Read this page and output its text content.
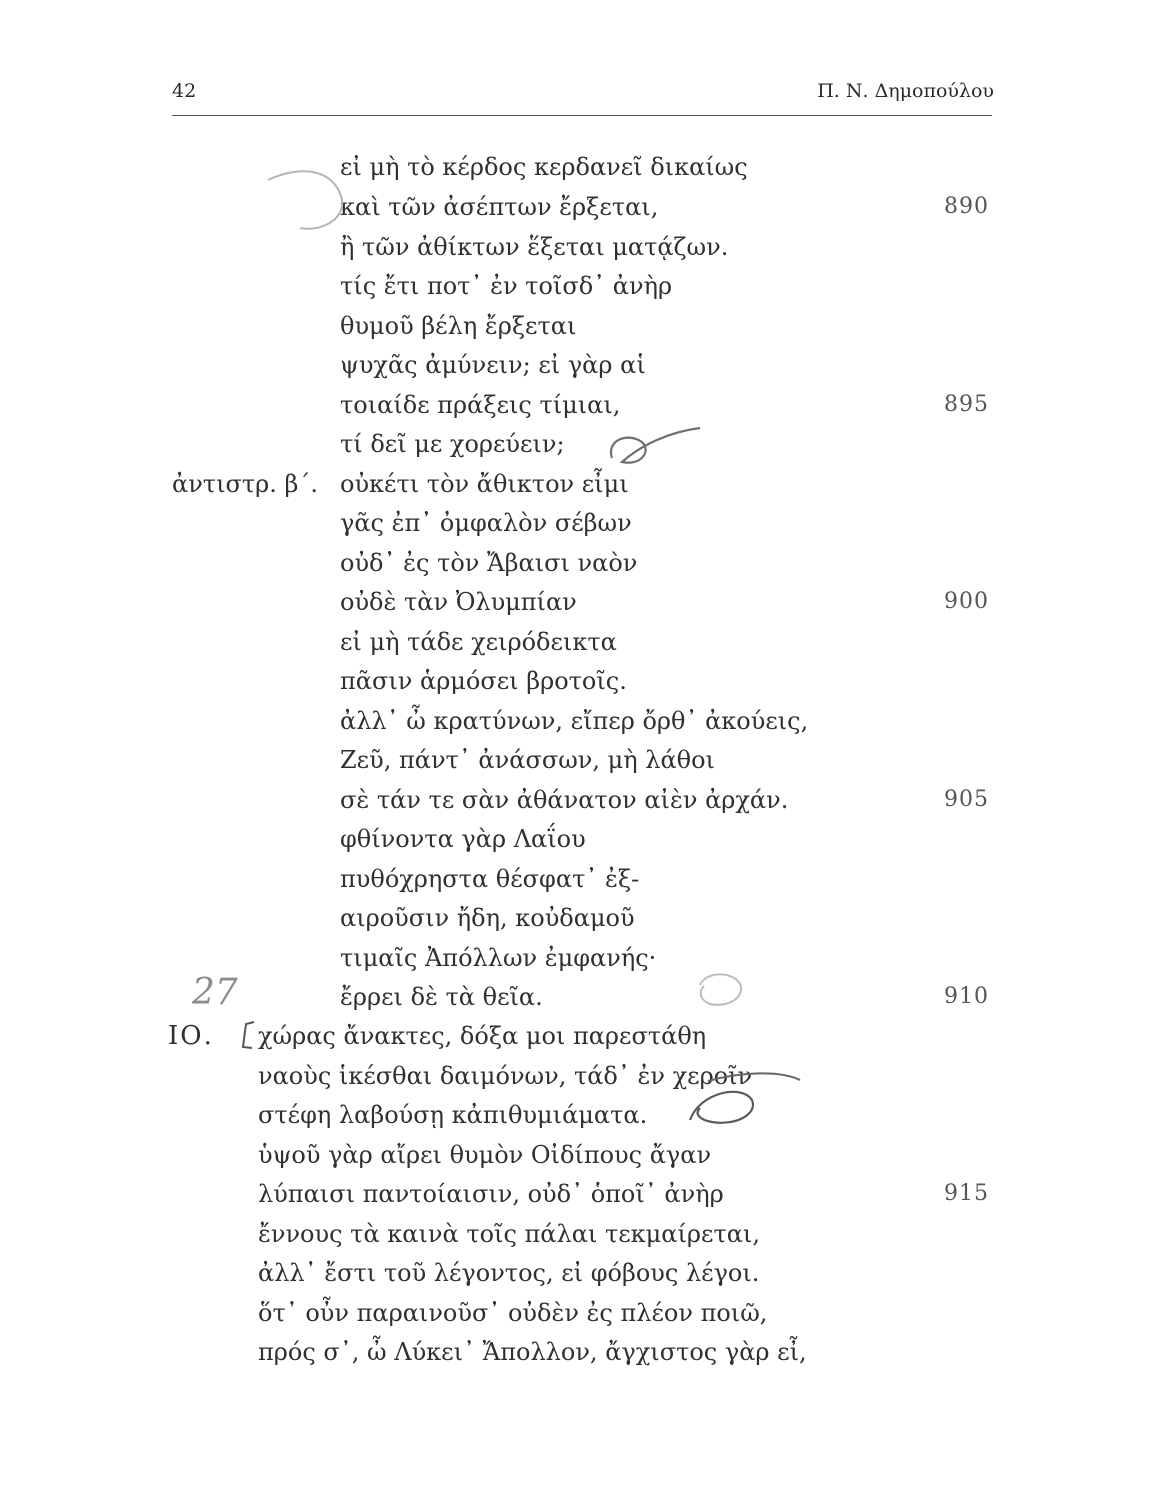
42	Π. Ν. Δημοπούλου
εἰ μὴ τὸ κέρδος κερδανεῖ δικαίως
καὶ τῶν ἀσέπτων ἔρξεται,	890
ἢ τῶν ἀθίκτων ἕξεται ματᾴζων.
τίς ἔτι ποτ᾽ ἐν τοῖσδ᾽ ἀνὴρ
θυμοῦ βέλη ἔρξεται
ψυχᾶς ἀμύνειν; εἰ γὰρ αἱ
τοιαίδε πράξεις τίμιαι,	895
τί δεῖ με χορεύειν;
ἀντιστρ. β΄. οὐκέτι τὸν ἄθικτον εἶμι
γᾶς ἐπ᾽ ὀμφαλὸν σέβων
οὐδ᾽ ἐς τὸν Ἄβαισι ναὸν
οὐδὲ τὰν Ὀλυμπίαν	900
εἰ μὴ τάδε χειρόδεικτα
πᾶσιν ἁρμόσει βροτοῖς.
ἀλλ᾽ ὦ κρατύνων, εἴπερ ὄρθ᾽ ἀκούεις,
Ζεῦ, πάντ᾽ ἀνάσσων, μὴ λάθοι
σὲ τάν τε σὰν ἀθάνατον αἰὲν ἀρχάν.	905
φθίνοντα γὰρ Λαΐου
πυθόχρηστα θέσφατ᾽ ἐξ-
αιροῦσιν ἤδη, κοὐδαμοῦ
τιμαῖς Ἀπόλλων ἐμφανής·
ἔρρει δὲ τὰ θεῖα.	910
ΙΟ. χώρας ἄνακτες, δόξα μοι παρεστάθη
ναοὺς ἱκέσθαι δαιμόνων, τάδ᾽ ἐν χεροῖν
στέφη λαβούσῃ κἀπιθυμιάματα.
ὑψοῦ γὰρ αἴρει θυμὸν Οἰδίπους ἄγαν
λύπαισι παντοίαισιν, οὐδ᾽ ὁποῖ᾽ ἀνὴρ	915
ἔννους τὰ καινὰ τοῖς πάλαι τεκμαίρεται,
ἀλλ᾽ ἔστι τοῦ λέγοντος, εἰ φόβους λέγοι.
ὅτ᾽ οὖν παραινοῦσ᾽ οὐδὲν ἐς πλέον ποιῶ,
πρός σ᾽, ὦ Λύκει᾽ Ἄπολλον, ἄγχιστος γὰρ εἶ,
27
